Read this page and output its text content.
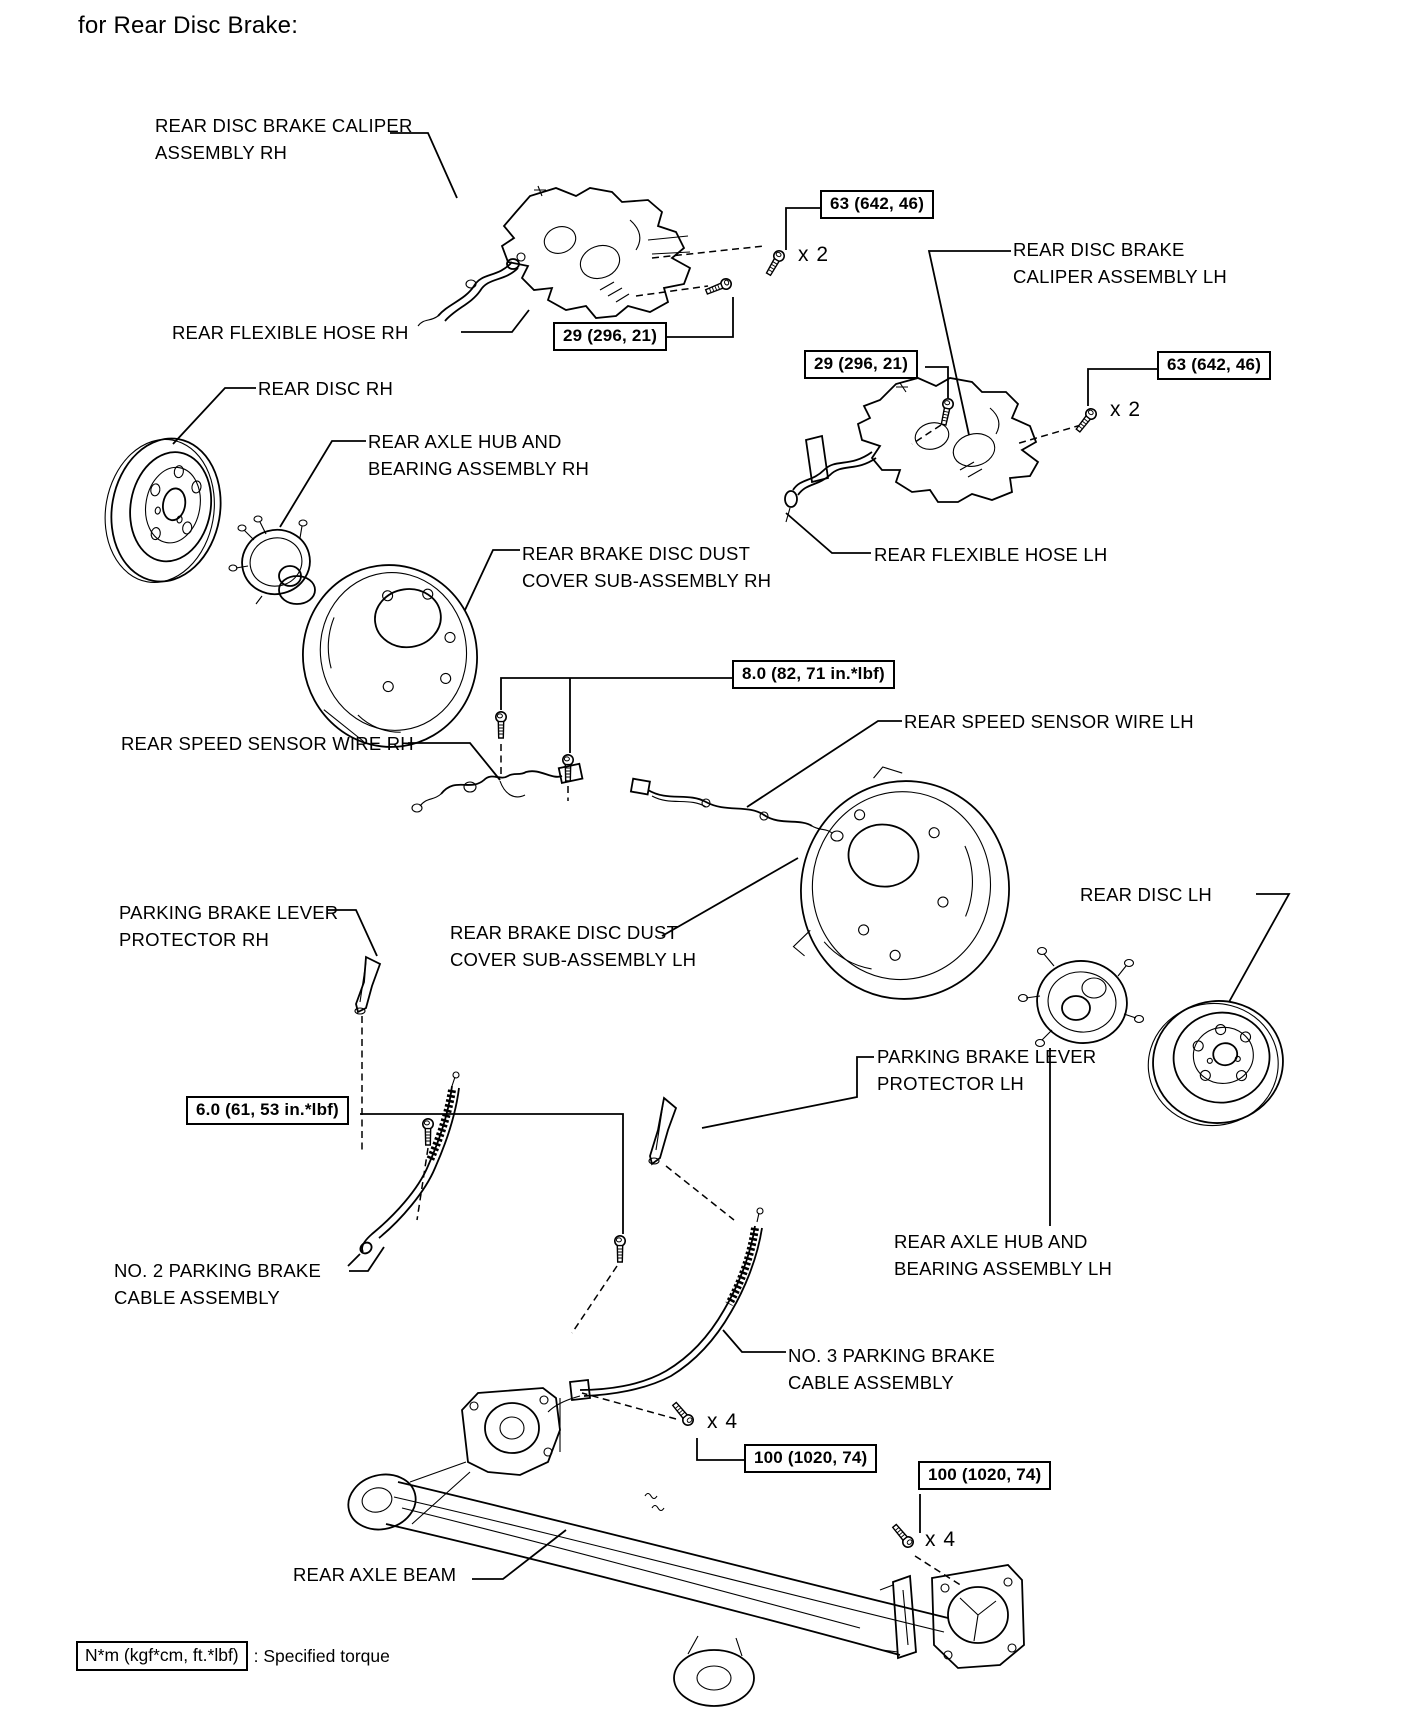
for Rear Disc Brake:
REAR DISC BRAKE CALIPER
ASSEMBLY RH
REAR FLEXIBLE HOSE RH
REAR DISC RH
REAR AXLE HUB AND
BEARING ASSEMBLY RH
REAR BRAKE DISC DUST
COVER SUB-ASSEMBLY RH
REAR DISC BRAKE
CALIPER ASSEMBLY LH
REAR FLEXIBLE HOSE LH
REAR SPEED SENSOR WIRE RH
REAR SPEED SENSOR WIRE LH
PARKING BRAKE LEVER
PROTECTOR RH	REAR BRAKE DISC DUST
COVER SUB-ASSEMBLY LH
REAR DISC LH
PARKING BRAKE LEVER
PROTECTOR LH
NO. 2 PARKING BRAKE
CABLE ASSEMBLY
REAR AXLE HUB AND
BEARING ASSEMBLY LH
NO. 3 PARKING BRAKE
CABLE ASSEMBLY
REAR AXLE BEAM
63 (642, 46)
29 (296, 21)
29 (296, 21)	63 (642, 46)
8.0 (82, 71 in.*lbf)
6.0 (61, 53 in.*lbf)
100 (1020, 74)
100 (1020, 74)
x 2
x 2
x 4
x 4
N*m (kgf*cm, ft.*lbf) : Specified torque
